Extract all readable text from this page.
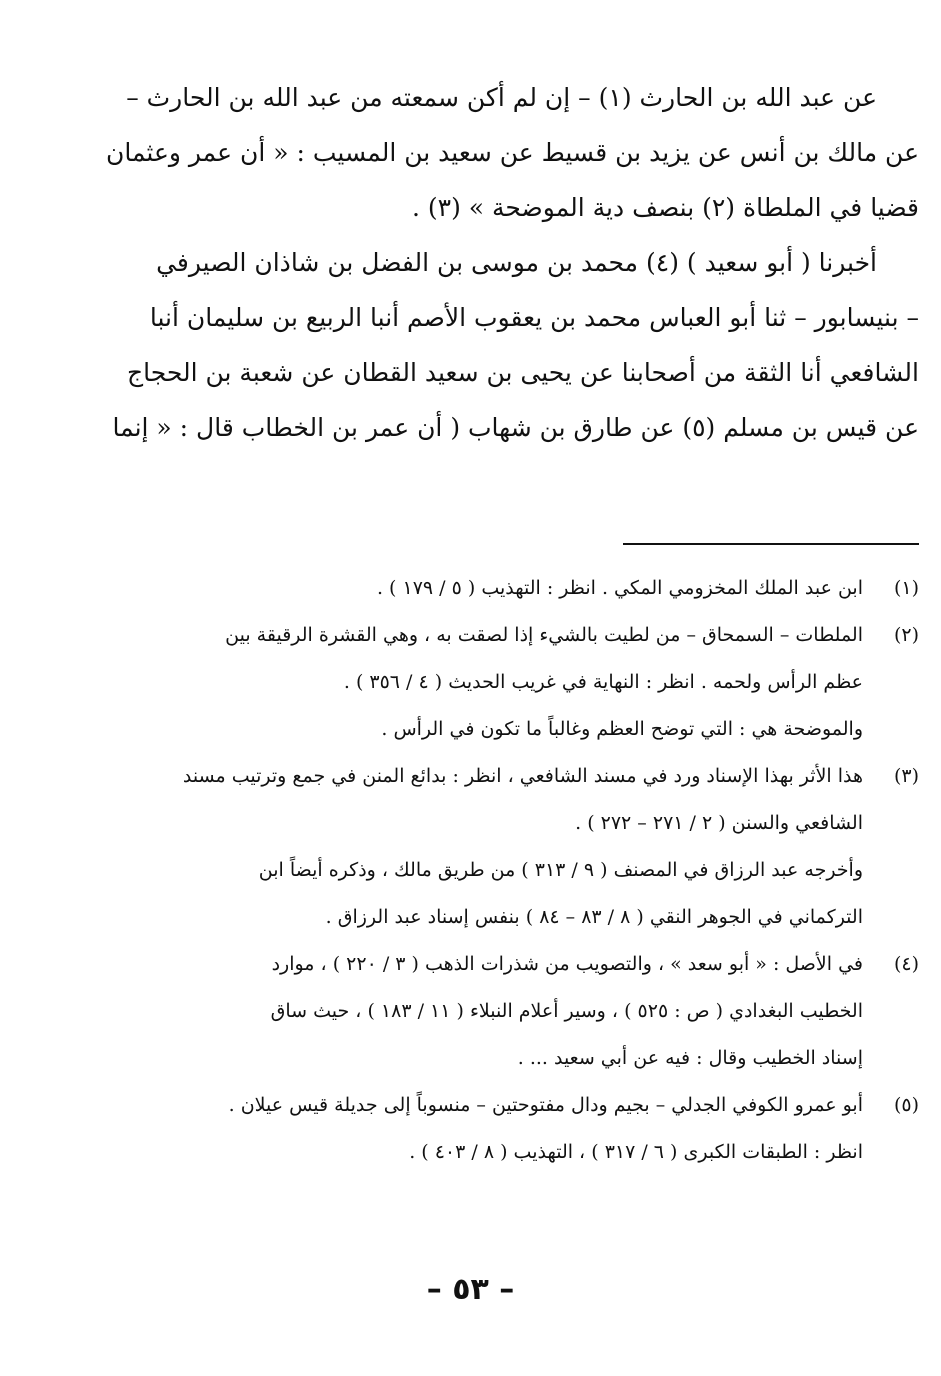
عن عبد الله بن الحارث (١) – إن لم أكن سمعته من عبد الله بن الحارث –
عن مالك بن أنس عن يزيد بن قسيط عن سعيد بن المسيب : « أن عمر وعثمان
قضيا في الملطاة (٢) بنصف دية الموضحة » (٣) .
أخبرنا ( أبو سعيد ) (٤) محمد بن موسى بن الفضل بن شاذان الصيرفي
– بنيسابور – ثنا أبو العباس محمد بن يعقوب الأصم أنبا الربيع بن سليمان أنبا
الشافعي أنا الثقة من أصحابنا عن يحيى بن سعيد القطان عن شعبة بن الحجاج
عن قيس بن مسلم (٥) عن طارق بن شهاب ( أن عمر بن الخطاب قال : « إنما
(١)
ابن عبد الملك المخزومي المكي . انظر : التهذيب ( ٥ / ١٧٩ ) .
(٢)
الملطات – السمحاق – من لطيت بالشيء إذا لصقت به ، وهي القشرة الرقيقة بين
عظم الرأس ولحمه . انظر : النهاية في غريب الحديث ( ٤ / ٣٥٦ ) .
والموضحة هي : التي توضح العظم وغالباً ما تكون في الرأس .
(٣)
هذا الأثر بهذا الإسناد ورد في مسند الشافعي ، انظر : بدائع المنن في جمع وترتيب مسند
الشافعي والسنن ( ٢ / ٢٧١ – ٢٧٢ ) .
وأخرجه عبد الرزاق في المصنف ( ٩ / ٣١٣ ) من طريق مالك ، وذكره أيضاً ابن
التركماني في الجوهر النقي ( ٨ / ٨٣ – ٨٤ ) بنفس إسناد عبد الرزاق .
(٤)
في الأصل : « أبو سعد » ، والتصويب من شذرات الذهب ( ٣ / ٢٢٠ ) ، موارد
الخطيب البغدادي ( ص : ٥٢٥ ) ، وسير أعلام النبلاء ( ١١ / ١٨٣ ) ، حيث ساق
إسناد الخطيب وقال : فيه عن أبي سعيد ... .
(٥)
أبو عمرو الكوفي الجدلي – بجيم ودال مفتوحتين – منسوباً إلى جديلة قيس عيلان .
انظر : الطبقات الكبرى ( ٦ / ٣١٧ ) ، التهذيب ( ٨ / ٤٠٣ ) .
– ٥٣ –
